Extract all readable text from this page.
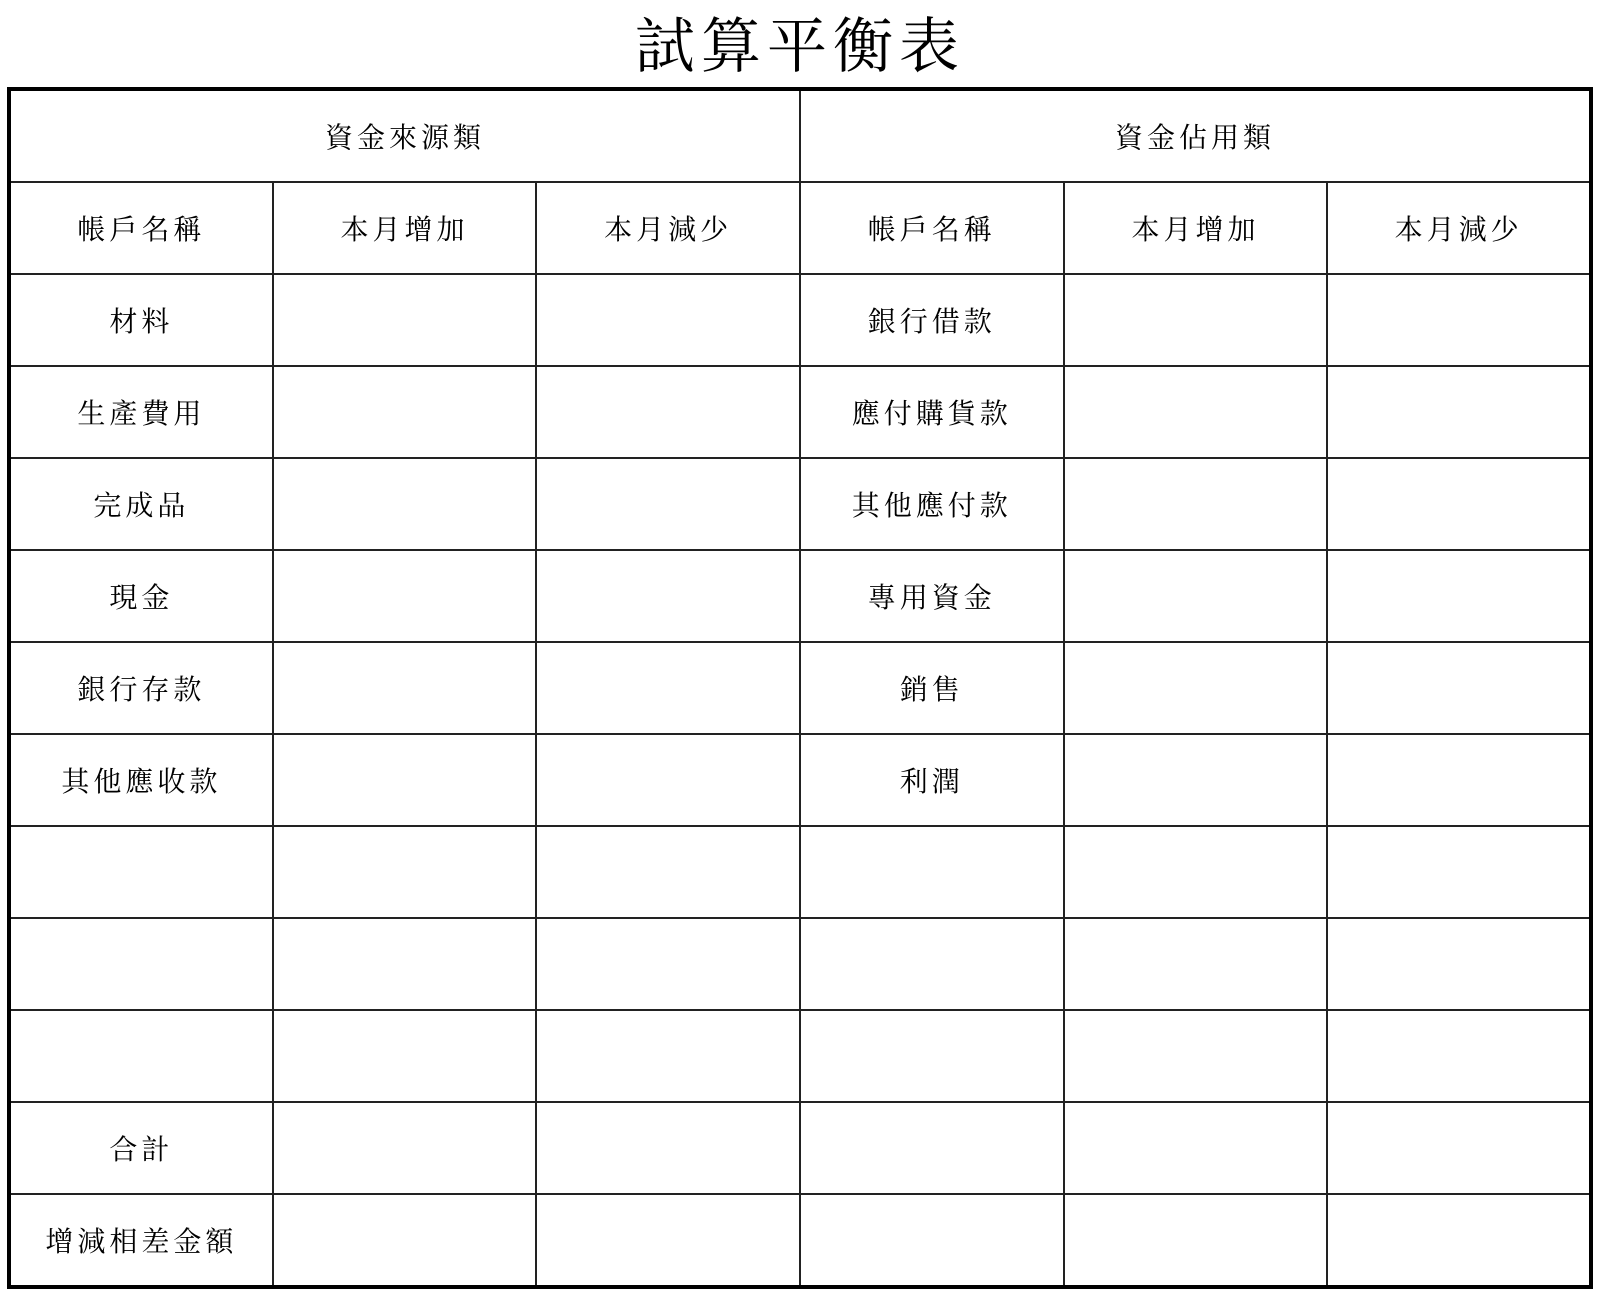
試算平衡表
資金來源類			資金佔用類		
帳戶名稱	本月增加	本月減少	帳戶名稱	本月增加	本月減少
材料			銀行借款		
生產費用			應付購貨款		
完成品			其他應付款		
現金			專用資金		
銀行存款			銷售		
其他應收款			利潤		

合計					
增減相差金額					
